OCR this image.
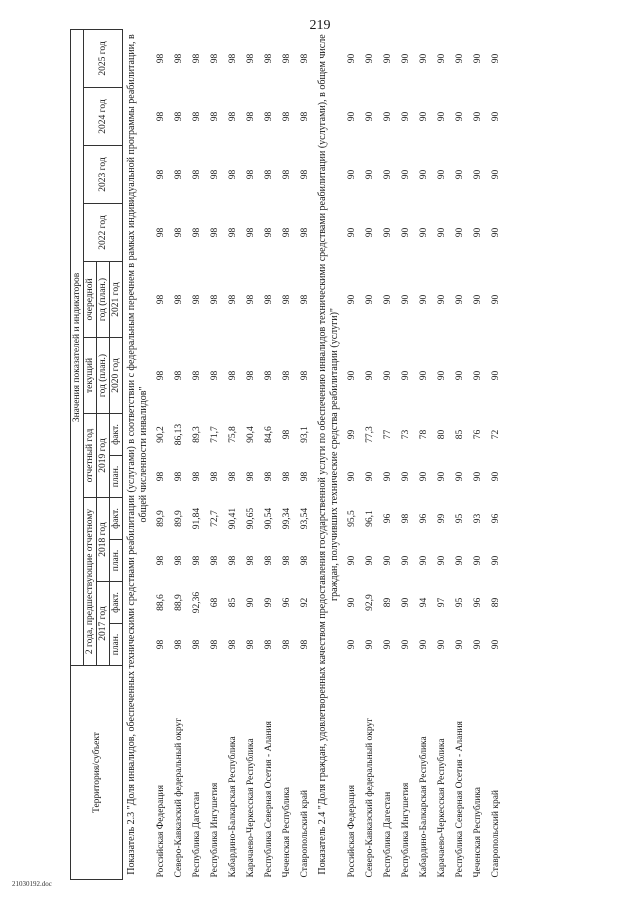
219
Территория/субъект	Значения показателей и индикаторов											
	2 года, предшествующие отчетному				отчетный год		текущий	очередной	2022 год	2023 год	2024 год	2025 год
	2017 год		2018 год		2019 год		год (план.)	год (план.)				
							2020 год	2021 год				
	план.	факт.	план.	факт.	план.	факт.						
Показатель 2.3 "Доля инвалидов, обеспеченных техническими средствами реабилитации (услугами) в соответствии с федеральным перечнем в рамках индивидуальной программы реабилитации, в общей численности инвалидов"												
Российская Федерация	98	88,6	98	89,9	98	90,2	98	98	98	98	98	98
Северо-Кавказский федеральный округ	98	88,9	98	89,9	98	86,13	98	98	98	98	98	98
Республика Дагестан	98	92,36	98	91,84	98	89,3	98	98	98	98	98	98
Республика Ингушетия	98	68	98	72,7	98	71,7	98	98	98	98	98	98
Кабардино-Балкарская Республика	98	85	98	90,41	98	75,8	98	98	98	98	98	98
Карачаево-Черкесская Республика	98	90	98	90,65	98	90,4	98	98	98	98	98	98
Республика Северная Осетия - Алания	98	99	98	90,54	98	84,6	98	98	98	98	98	98
Чеченская Республика	98	96	98	99,34	98	98	98	98	98	98	98	98
Ставропольский край	98	92	98	93,54	98	93,1	98	98	98	98	98	98
Показатель 2.4 "Доля граждан, удовлетворенных качеством предоставления государственной услуги по обеспечению инвалидов техническими средствами реабилитации (услугами), в общем числе граждан, получивших технические средства реабилитации (услуги)"												
Российская Федерация	90	90	90	95,5	90	99	90	90	90	90	90	90
Северо-Кавказский федеральный округ	90	92,9	90	96,1	90	77,3	90	90	90	90	90	90
Республика Дагестан	90	89	90	96	90	77	90	90	90	90	90	90
Республика Ингушетия	90	90	90	98	90	73	90	90	90	90	90	90
Кабардино-Балкарская Республика	90	94	90	96	90	78	90	90	90	90	90	90
Карачаево-Черкесская Республика	90	97	90	99	90	80	90	90	90	90	90	90
Республика Северная Осетия - Алания	90	95	90	95	90	85	90	90	90	90	90	90
Чеченская Республика	90	96	90	93	90	76	90	90	90	90	90	90
Ставропольский край	90	89	90	96	90	72	90	90	90	90	90	90
21030192.doc
